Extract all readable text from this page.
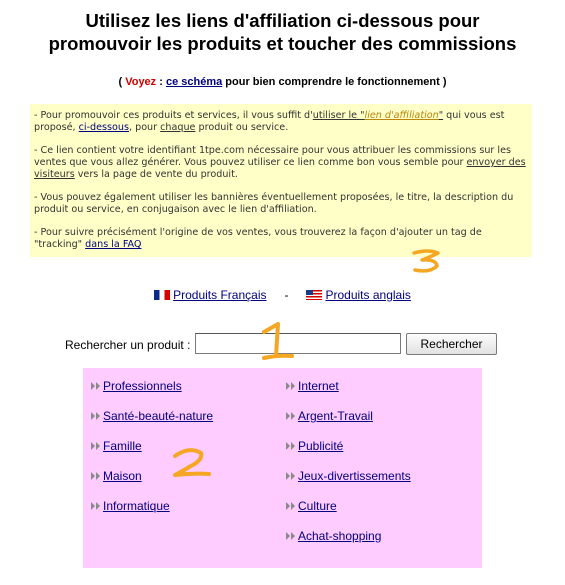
Utilisez les liens d'affiliation ci-dessous pour
promouvoir les produits et toucher des commissions
( Voyez : ce schéma pour bien comprendre le fonctionnement )

- Pour promouvoir ces produits et services, il vous suffit d'utiliser le "lien d'affiliation" qui vous est proposé, ci-dessous, pour chaque produit ou service.

- Ce lien contient votre identifiant 1tpe.com nécessaire pour vous attribuer les commissions sur les ventes que vous allez générer. Vous pouvez utiliser ce lien comme bon vous semble pour envoyer des visiteurs vers la page de vente du produit.

- Vous pouvez également utiliser les bannières éventuellement proposées, le titre, la description du produit ou service, en conjugaison avec le lien d'affiliation.

- Pour suivre précisément l'origine de vos ventes, vous trouverez la façon d'ajouter un tag de "tracking" dans la FAQ

Produits Français -	Produits anglais
Rechercher un produit :	Rechercher
Professionnels
Santé-beauté-nature
Famille
Maison
Informatique
Internet
Argent-Travail
Publicité
Jeux-divertissements
Culture
Achat-shopping
